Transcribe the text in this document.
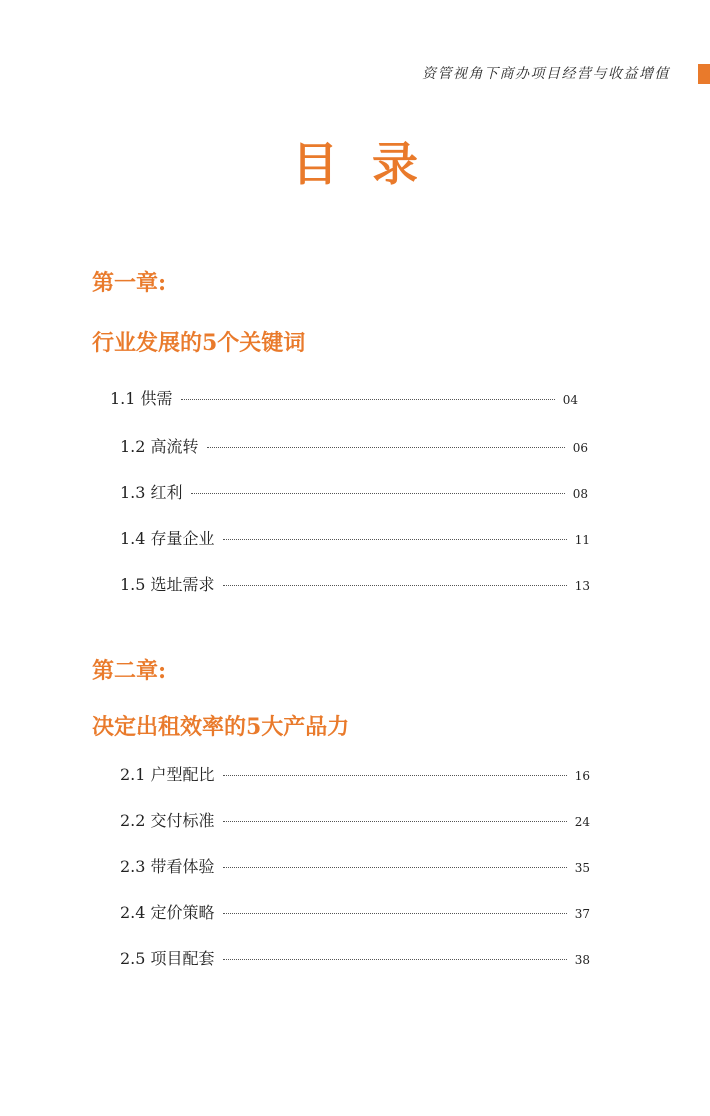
资管视角下商办项目经营与收益增值
目录
第一章:
行业发展的5个关键词
1.1 供需	04
1.2 高流转	06
1.3 红利	08
1.4 存量企业	11
1.5 选址需求	13
第二章:
决定出租效率的5大产品力
2.1 户型配比	16
2.2 交付标准	24
2.3 带看体验	35
2.4 定价策略	37
2.5 项目配套	38
